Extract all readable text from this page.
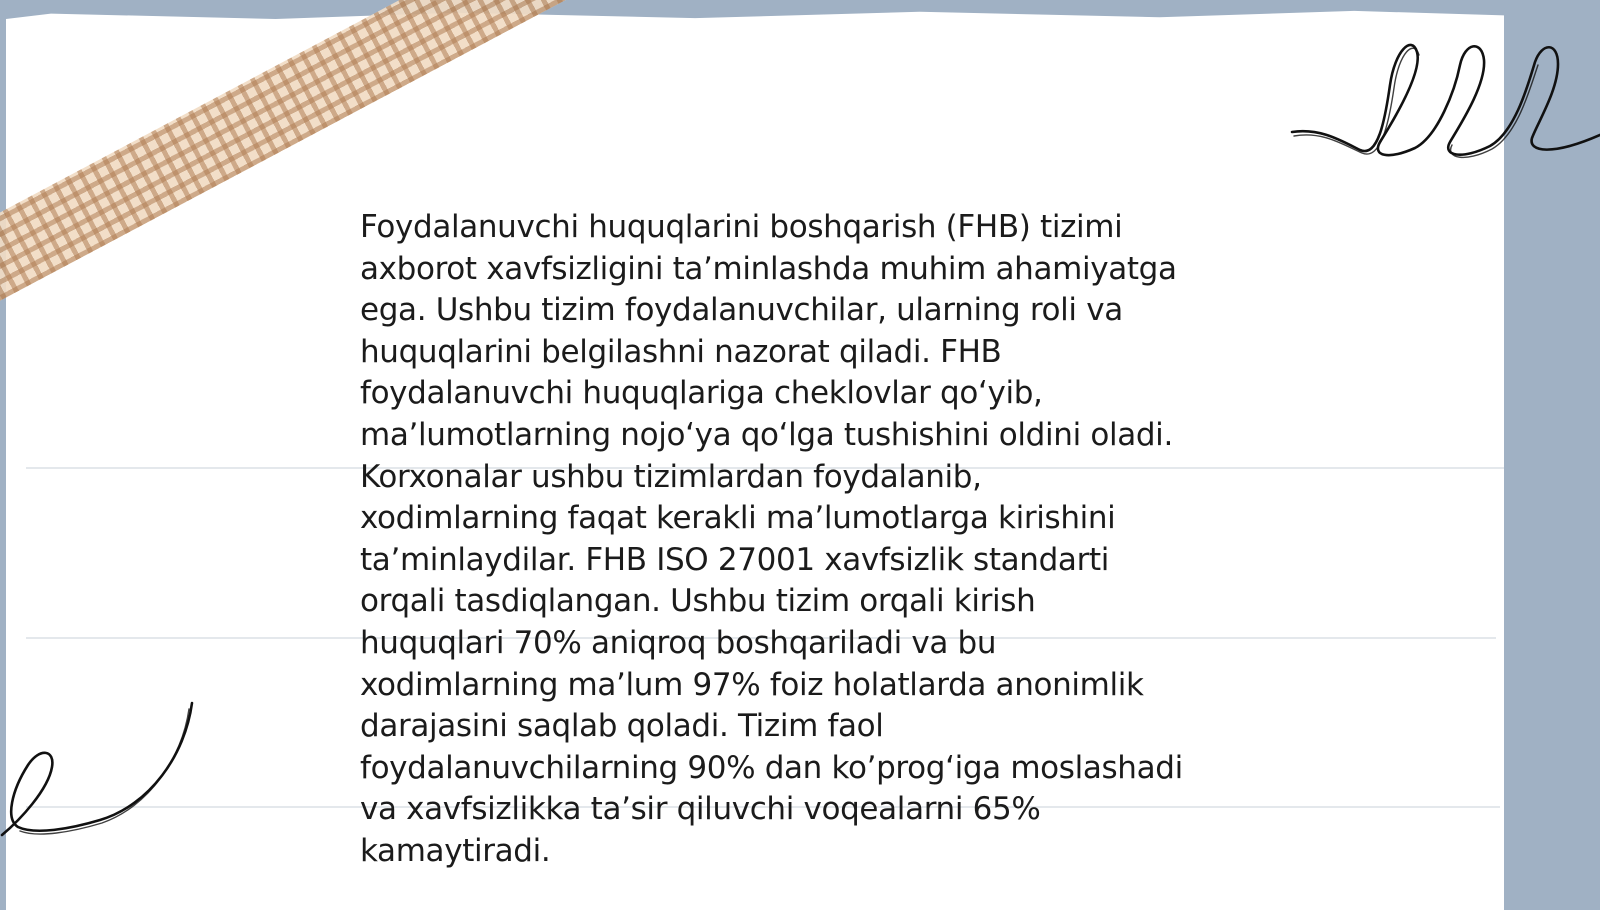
Foydalanuvchi huquqlarini boshqarish (FHB) tizimi
axborot xavfsizligini ta’minlashda muhim ahamiyatga
ega. Ushbu tizim foydalanuvchilar, ularning roli va
huquqlarini belgilashni nazorat qiladi. FHB
foydalanuvchi huquqlariga cheklovlar qo‘yib,
ma’lumotlarning nojo‘ya qo‘lga tushishini oldini oladi.
Korxonalar ushbu tizimlardan foydalanib,
xodimlarning faqat kerakli ma’lumotlarga kirishini
ta’minlaydilar. FHB ISO 27001 xavfsizlik standarti
orqali tasdiqlangan. Ushbu tizim orqali kirish
huquqlari 70% aniqroq boshqariladi va bu
xodimlarning ma’lum 97% foiz holatlarda anonimlik
darajasini saqlab qoladi. Tizim faol
foydalanuvchilarning 90% dan ko’prog‘iga moslashadi
va xavfsizlikka ta’sir qiluvchi voqealarni 65%
kamaytiradi.
